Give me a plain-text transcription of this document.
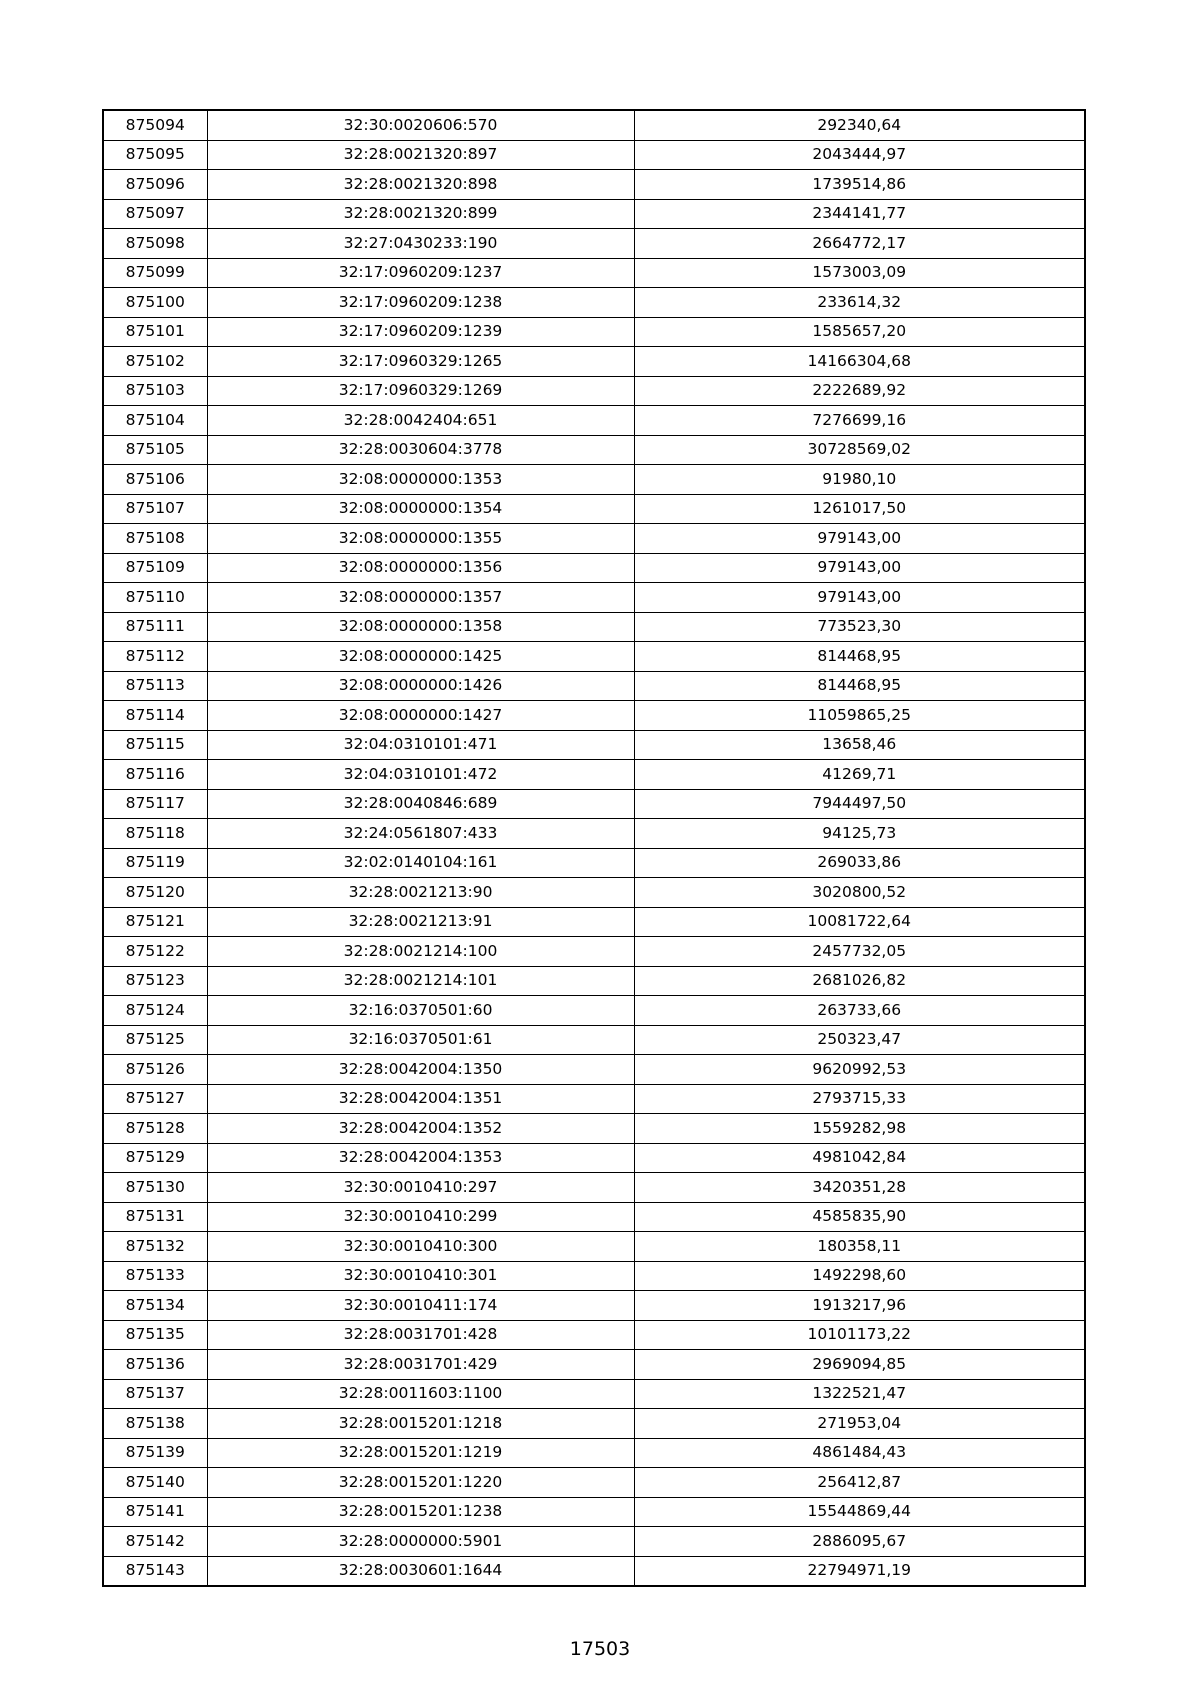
875094	32:30:0020606:570	292340,64
875095	32:28:0021320:897	2043444,97
875096	32:28:0021320:898	1739514,86
875097	32:28:0021320:899	2344141,77
875098	32:27:0430233:190	2664772,17
875099	32:17:0960209:1237	1573003,09
875100	32:17:0960209:1238	233614,32
875101	32:17:0960209:1239	1585657,20
875102	32:17:0960329:1265	14166304,68
875103	32:17:0960329:1269	2222689,92
875104	32:28:0042404:651	7276699,16
875105	32:28:0030604:3778	30728569,02
875106	32:08:0000000:1353	91980,10
875107	32:08:0000000:1354	1261017,50
875108	32:08:0000000:1355	979143,00
875109	32:08:0000000:1356	979143,00
875110	32:08:0000000:1357	979143,00
875111	32:08:0000000:1358	773523,30
875112	32:08:0000000:1425	814468,95
875113	32:08:0000000:1426	814468,95
875114	32:08:0000000:1427	11059865,25
875115	32:04:0310101:471	13658,46
875116	32:04:0310101:472	41269,71
875117	32:28:0040846:689	7944497,50
875118	32:24:0561807:433	94125,73
875119	32:02:0140104:161	269033,86
875120	32:28:0021213:90	3020800,52
875121	32:28:0021213:91	10081722,64
875122	32:28:0021214:100	2457732,05
875123	32:28:0021214:101	2681026,82
875124	32:16:0370501:60	263733,66
875125	32:16:0370501:61	250323,47
875126	32:28:0042004:1350	9620992,53
875127	32:28:0042004:1351	2793715,33
875128	32:28:0042004:1352	1559282,98
875129	32:28:0042004:1353	4981042,84
875130	32:30:0010410:297	3420351,28
875131	32:30:0010410:299	4585835,90
875132	32:30:0010410:300	180358,11
875133	32:30:0010410:301	1492298,60
875134	32:30:0010411:174	1913217,96
875135	32:28:0031701:428	10101173,22
875136	32:28:0031701:429	2969094,85
875137	32:28:0011603:1100	1322521,47
875138	32:28:0015201:1218	271953,04
875139	32:28:0015201:1219	4861484,43
875140	32:28:0015201:1220	256412,87
875141	32:28:0015201:1238	15544869,44
875142	32:28:0000000:5901	2886095,67
875143	32:28:0030601:1644	22794971,19
17503
